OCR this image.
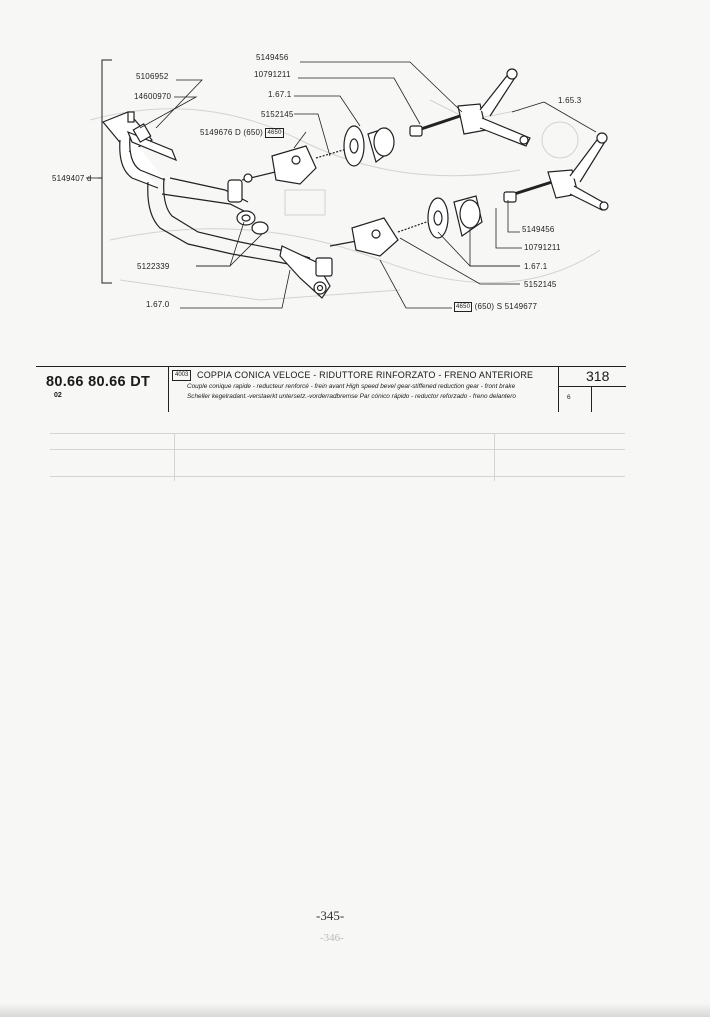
5106952
14600970
5149407 d
5149456
10791211
1.67.1
5152145
5149676 D (650) 4650
1.65.3
5149456
10791211
1.67.1
5152145
4650 (650) S 5149677
5122339
1.67.0
80.66 80.66 DT
02
4003 COPPIA CONICA VELOCE - RIDUTTORE RINFORZATO - FRENO ANTERIORE
Couple conique rapide - reducteur renforcé - frein avant High speed bevel gear-stiffened reduction gear - front brake
Scheller kegelradant.-verstaerkt untersetz.-vorderradbremse Par cónico rápido - reductor reforzado - freno delantero
318
6
-345-
-346-
